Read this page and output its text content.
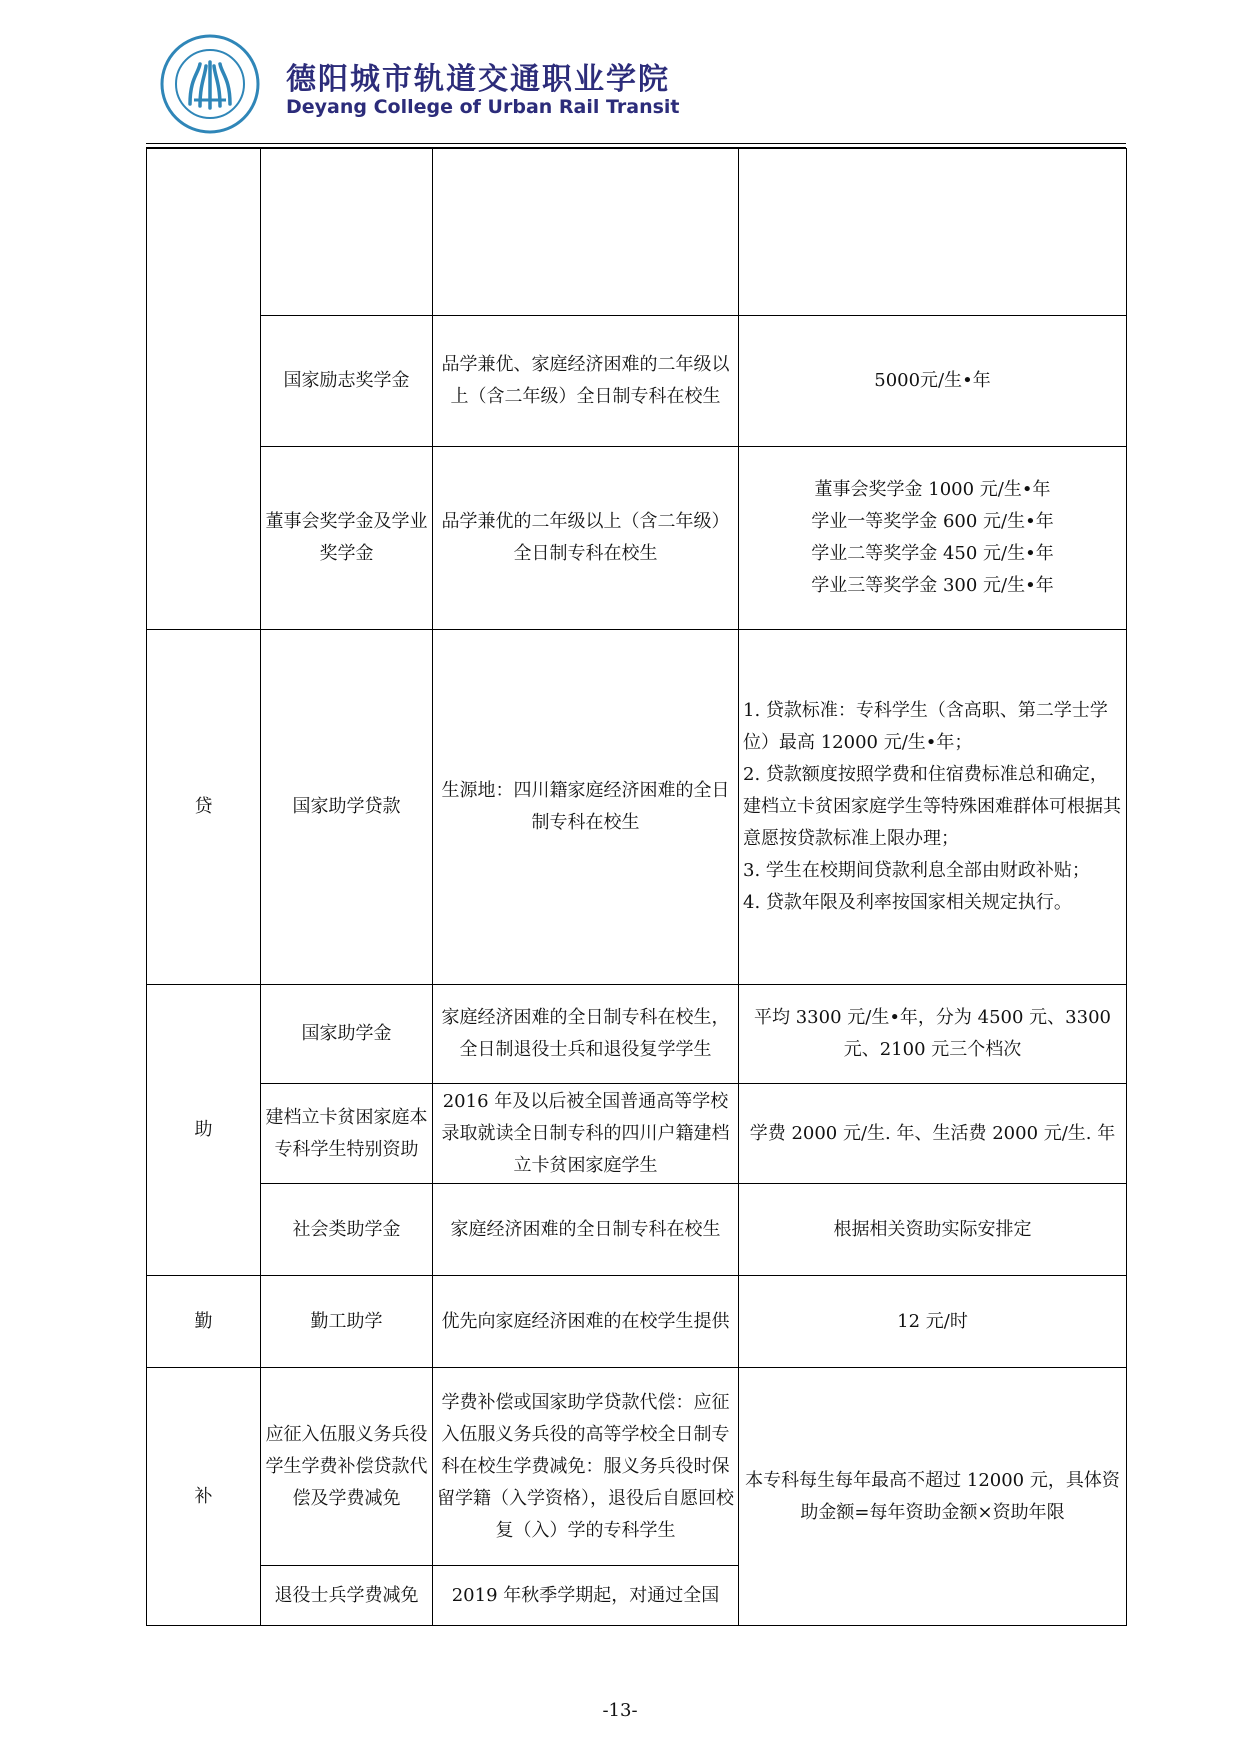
德阳城市轨道交通职业学院
Deyang College of Urban Rail Transit

	国家励志奖学金	品学兼优、家庭经济困难的二年级以上（含二年级）全日制专科在校生	5000元/生•年
	董事会奖学金及学业奖学金	品学兼优的二年级以上（含二年级）全日制专科在校生	董事会奖学金 1000 元/生•年
学业一等奖学金 600 元/生•年
学业二等奖学金 450 元/生•年
学业三等奖学金 300 元/生•年

贷	国家助学贷款	生源地：四川籍家庭经济困难的全日制专科在校生	1. 贷款标准：专科学生（含高职、第二学士学位）最高 12000 元/生•年；
2. 贷款额度按照学费和住宿费标准总和确定，建档立卡贫困家庭学生等特殊困难群体可根据其意愿按贷款标准上限办理；
3. 学生在校期间贷款利息全部由财政补贴；
4. 贷款年限及利率按国家相关规定执行。

助	国家助学金	家庭经济困难的全日制专科在校生，全日制退役士兵和退役复学学生	平均 3300 元/生•年，分为 4500 元、3300 元、2100 元三个档次
	建档立卡贫困家庭本专科学生特别资助	2016 年及以后被全国普通高等学校录取就读全日制专科的四川户籍建档立卡贫困家庭学生	学费 2000 元/生. 年、生活费 2000 元/生. 年
	社会类助学金	家庭经济困难的全日制专科在校生	根据相关资助实际安排定
勤	勤工助学	优先向家庭经济困难的在校学生提供	12 元/时
补	应征入伍服义务兵役学生学费补偿贷款代偿及学费减免	学费补偿或国家助学贷款代偿：应征入伍服义务兵役的高等学校全日制专科在校生学费减免：服义务兵役时保留学籍（入学资格），退役后自愿回校复（入）学的专科学生	本专科每生每年最高不超过 12000 元，具体资助金额=每年资助金额×资助年限
	退役士兵学费减免	2019 年秋季学期起，对通过全国	
-13-
